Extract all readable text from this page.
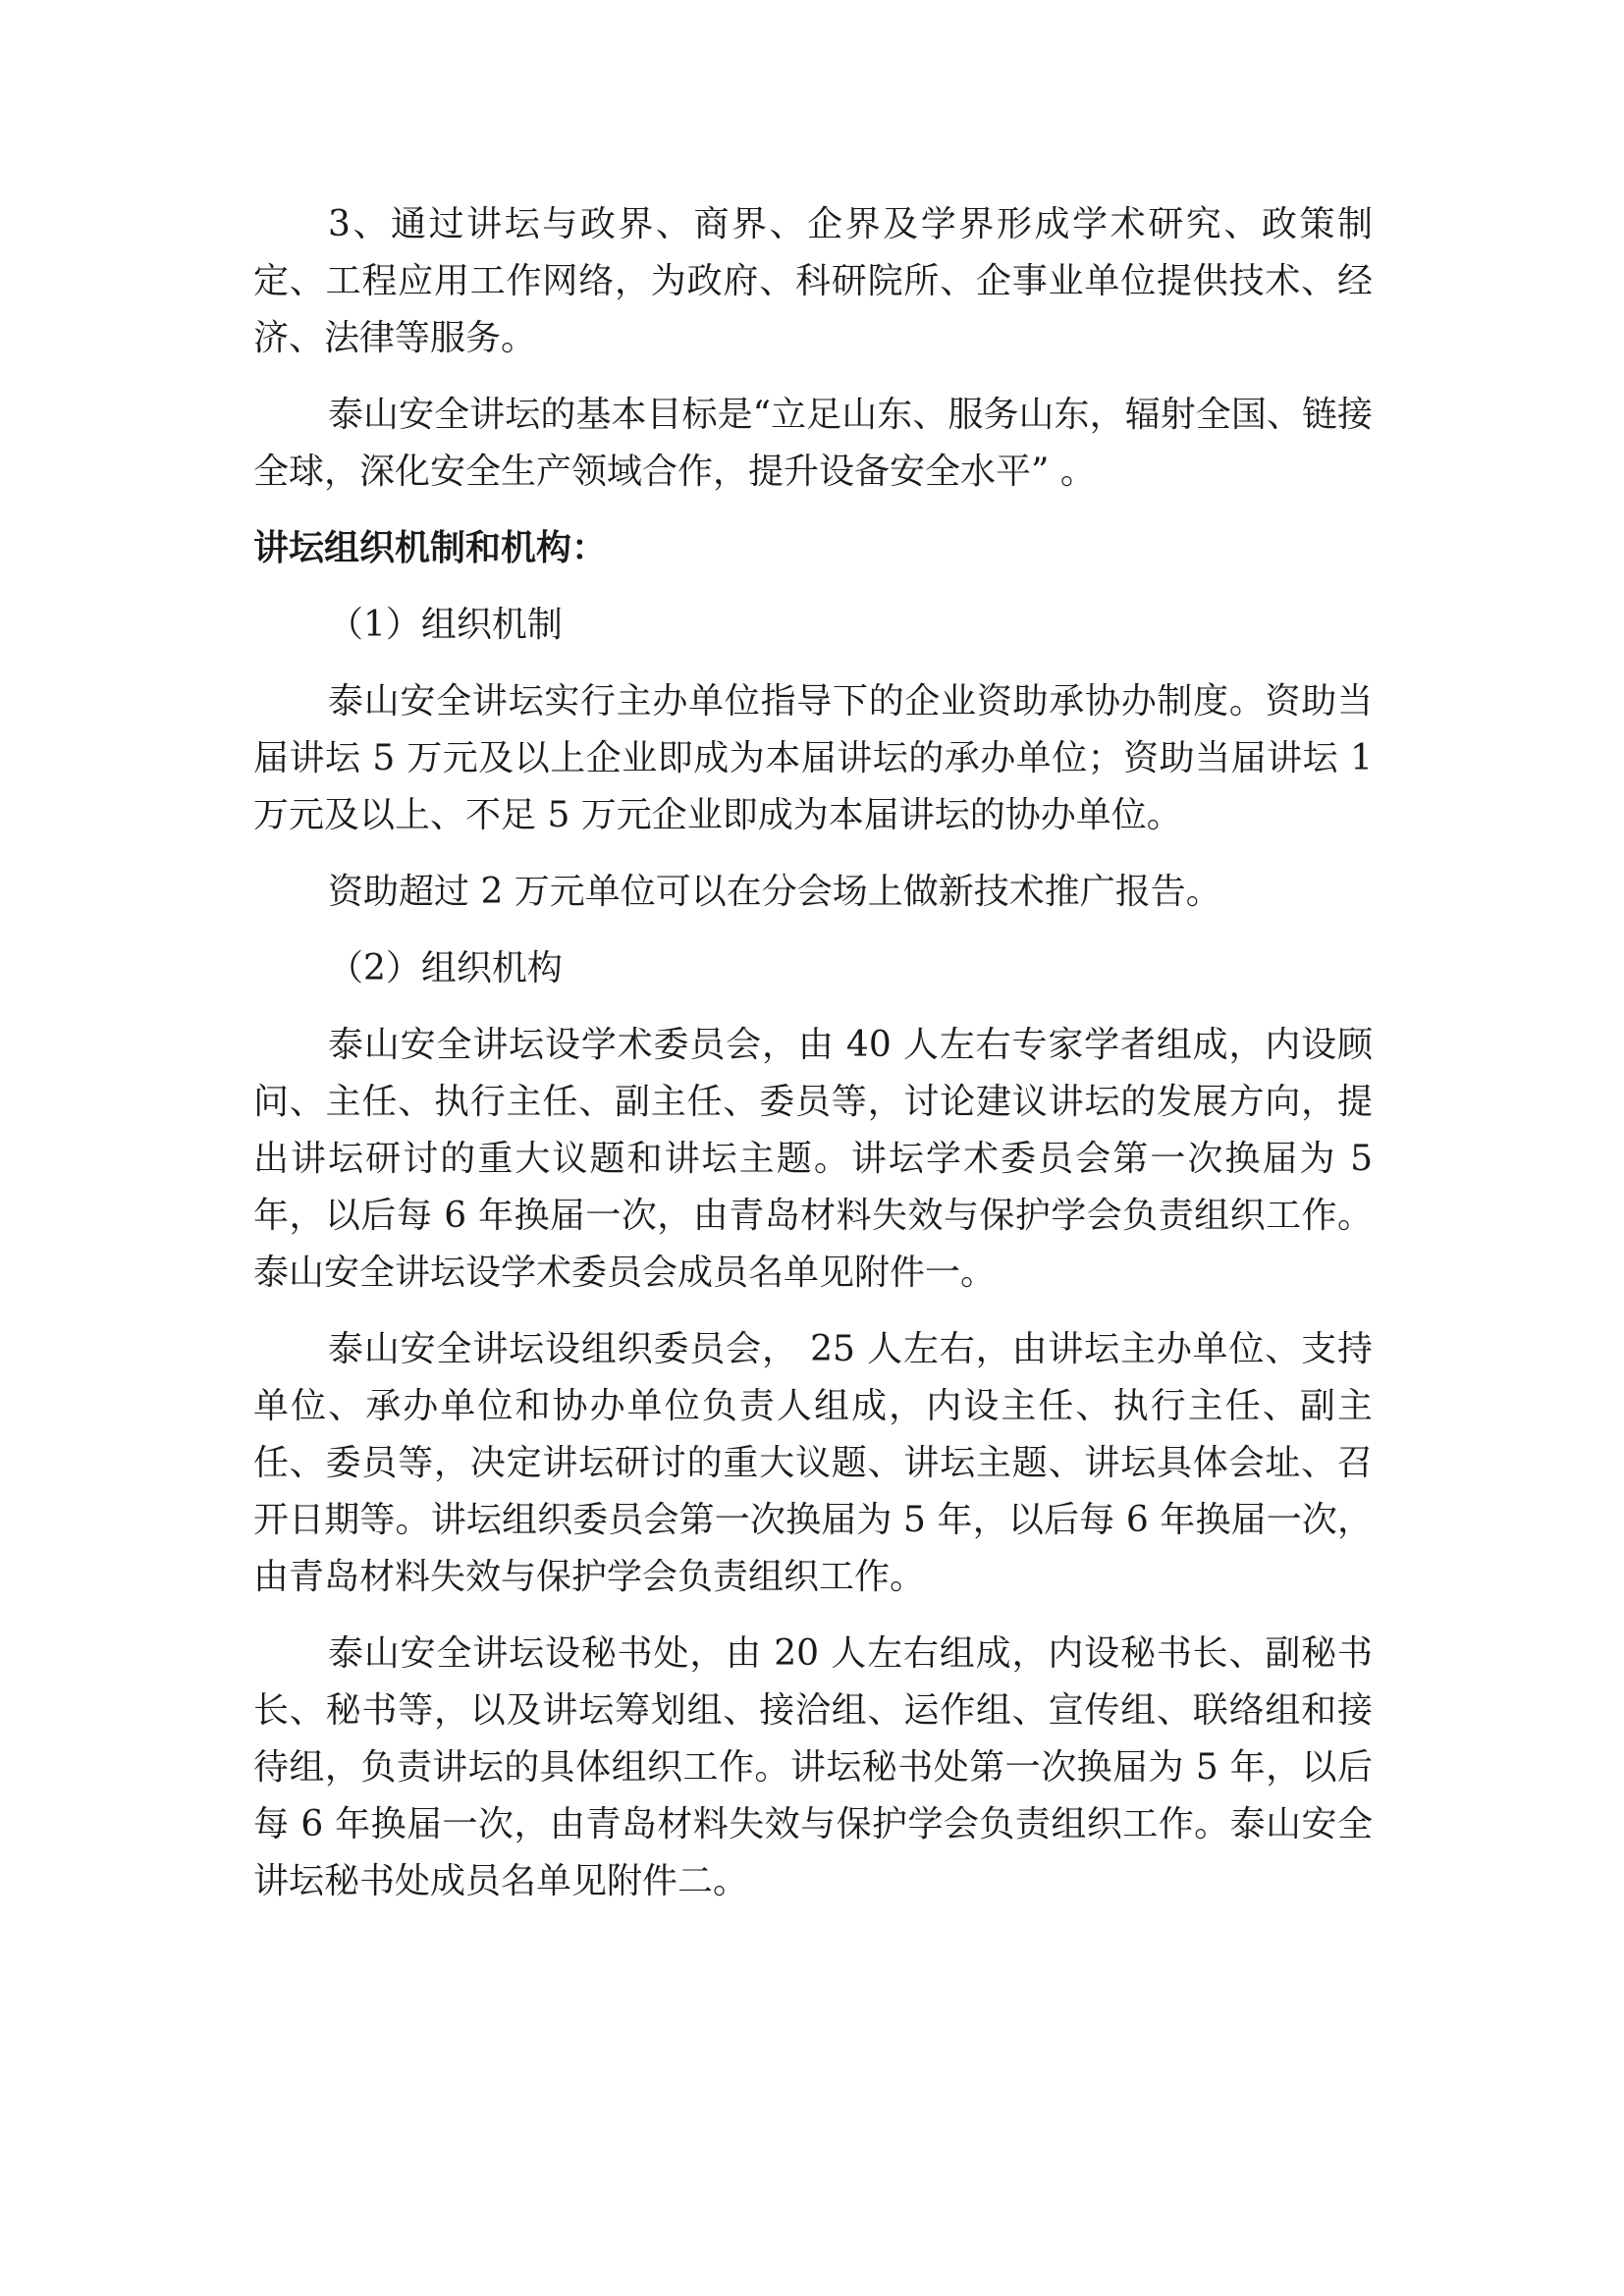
3、通过讲坛与政界、商界、企界及学界形成学术研究、政策制定、工程应用工作网络，为政府、科研院所、企事业单位提供技术、经济、法律等服务。

泰山安全讲坛的基本目标是“立足山东、服务山东，辐射全国、链接全球，深化安全生产领域合作，提升设备安全水平” 。

讲坛组织机制和机构：

（1）组织机制

泰山安全讲坛实行主办单位指导下的企业资助承协办制度。资助当届讲坛 5 万元及以上企业即成为本届讲坛的承办单位；资助当届讲坛 1 万元及以上、不足 5 万元企业即成为本届讲坛的协办单位。

资助超过 2 万元单位可以在分会场上做新技术推广报告。

（2）组织机构

泰山安全讲坛设学术委员会，由 40 人左右专家学者组成，内设顾问、主任、执行主任、副主任、委员等，讨论建议讲坛的发展方向，提出讲坛研讨的重大议题和讲坛主题。讲坛学术委员会第一次换届为 5 年，以后每 6 年换届一次，由青岛材料失效与保护学会负责组织工作。泰山安全讲坛设学术委员会成员名单见附件一。

泰山安全讲坛设组织委员会， 25 人左右，由讲坛主办单位、支持单位、承办单位和协办单位负责人组成，内设主任、执行主任、副主任、委员等，决定讲坛研讨的重大议题、讲坛主题、讲坛具体会址、召开日期等。讲坛组织委员会第一次换届为 5 年，以后每 6 年换届一次，由青岛材料失效与保护学会负责组织工作。

泰山安全讲坛设秘书处，由 20 人左右组成，内设秘书长、副秘书长、秘书等，以及讲坛筹划组、接洽组、运作组、宣传组、联络组和接待组，负责讲坛的具体组织工作。讲坛秘书处第一次换届为 5 年，以后每 6 年换届一次，由青岛材料失效与保护学会负责组织工作。泰山安全讲坛秘书处成员名单见附件二。
